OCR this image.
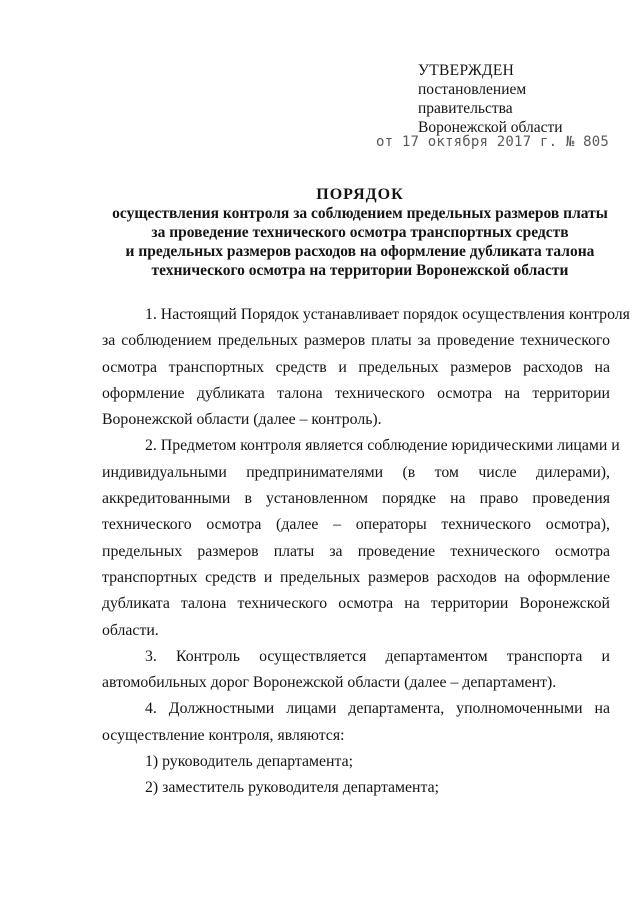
УТВЕРЖДЕН
постановлением
правительства
Воронежской области
от 17 октября 2017 г. № 805
ПОРЯДОК
осуществления контроля за соблюдением предельных размеров платы
за проведение технического осмотра транспортных средств
и предельных размеров расходов на оформление дубликата талона
технического осмотра на территории Воронежской области

1. Настоящий Порядок устанавливает порядок осуществления контроля
за соблюдением предельных размеров платы за проведение технического
осмотра транспортных средств и предельных размеров расходов на
оформление дубликата талона технического осмотра на территории
Воронежской области (далее – контроль).

2. Предметом контроля является соблюдение юридическими лицами и
индивидуальными предпринимателями (в том числе дилерами),
аккредитованными в установленном порядке на право проведения
технического осмотра (далее – операторы технического осмотра),
предельных размеров платы за проведение технического осмотра
транспортных средств и предельных размеров расходов на оформление
дубликата талона технического осмотра на территории Воронежской
области.

3. Контроль осуществляется департаментом транспорта и
автомобильных дорог Воронежской области (далее – департамент).

4. Должностными лицами департамента, уполномоченными на
осуществление контроля, являются:

1) руководитель департамента;

2) заместитель руководителя департамента;
